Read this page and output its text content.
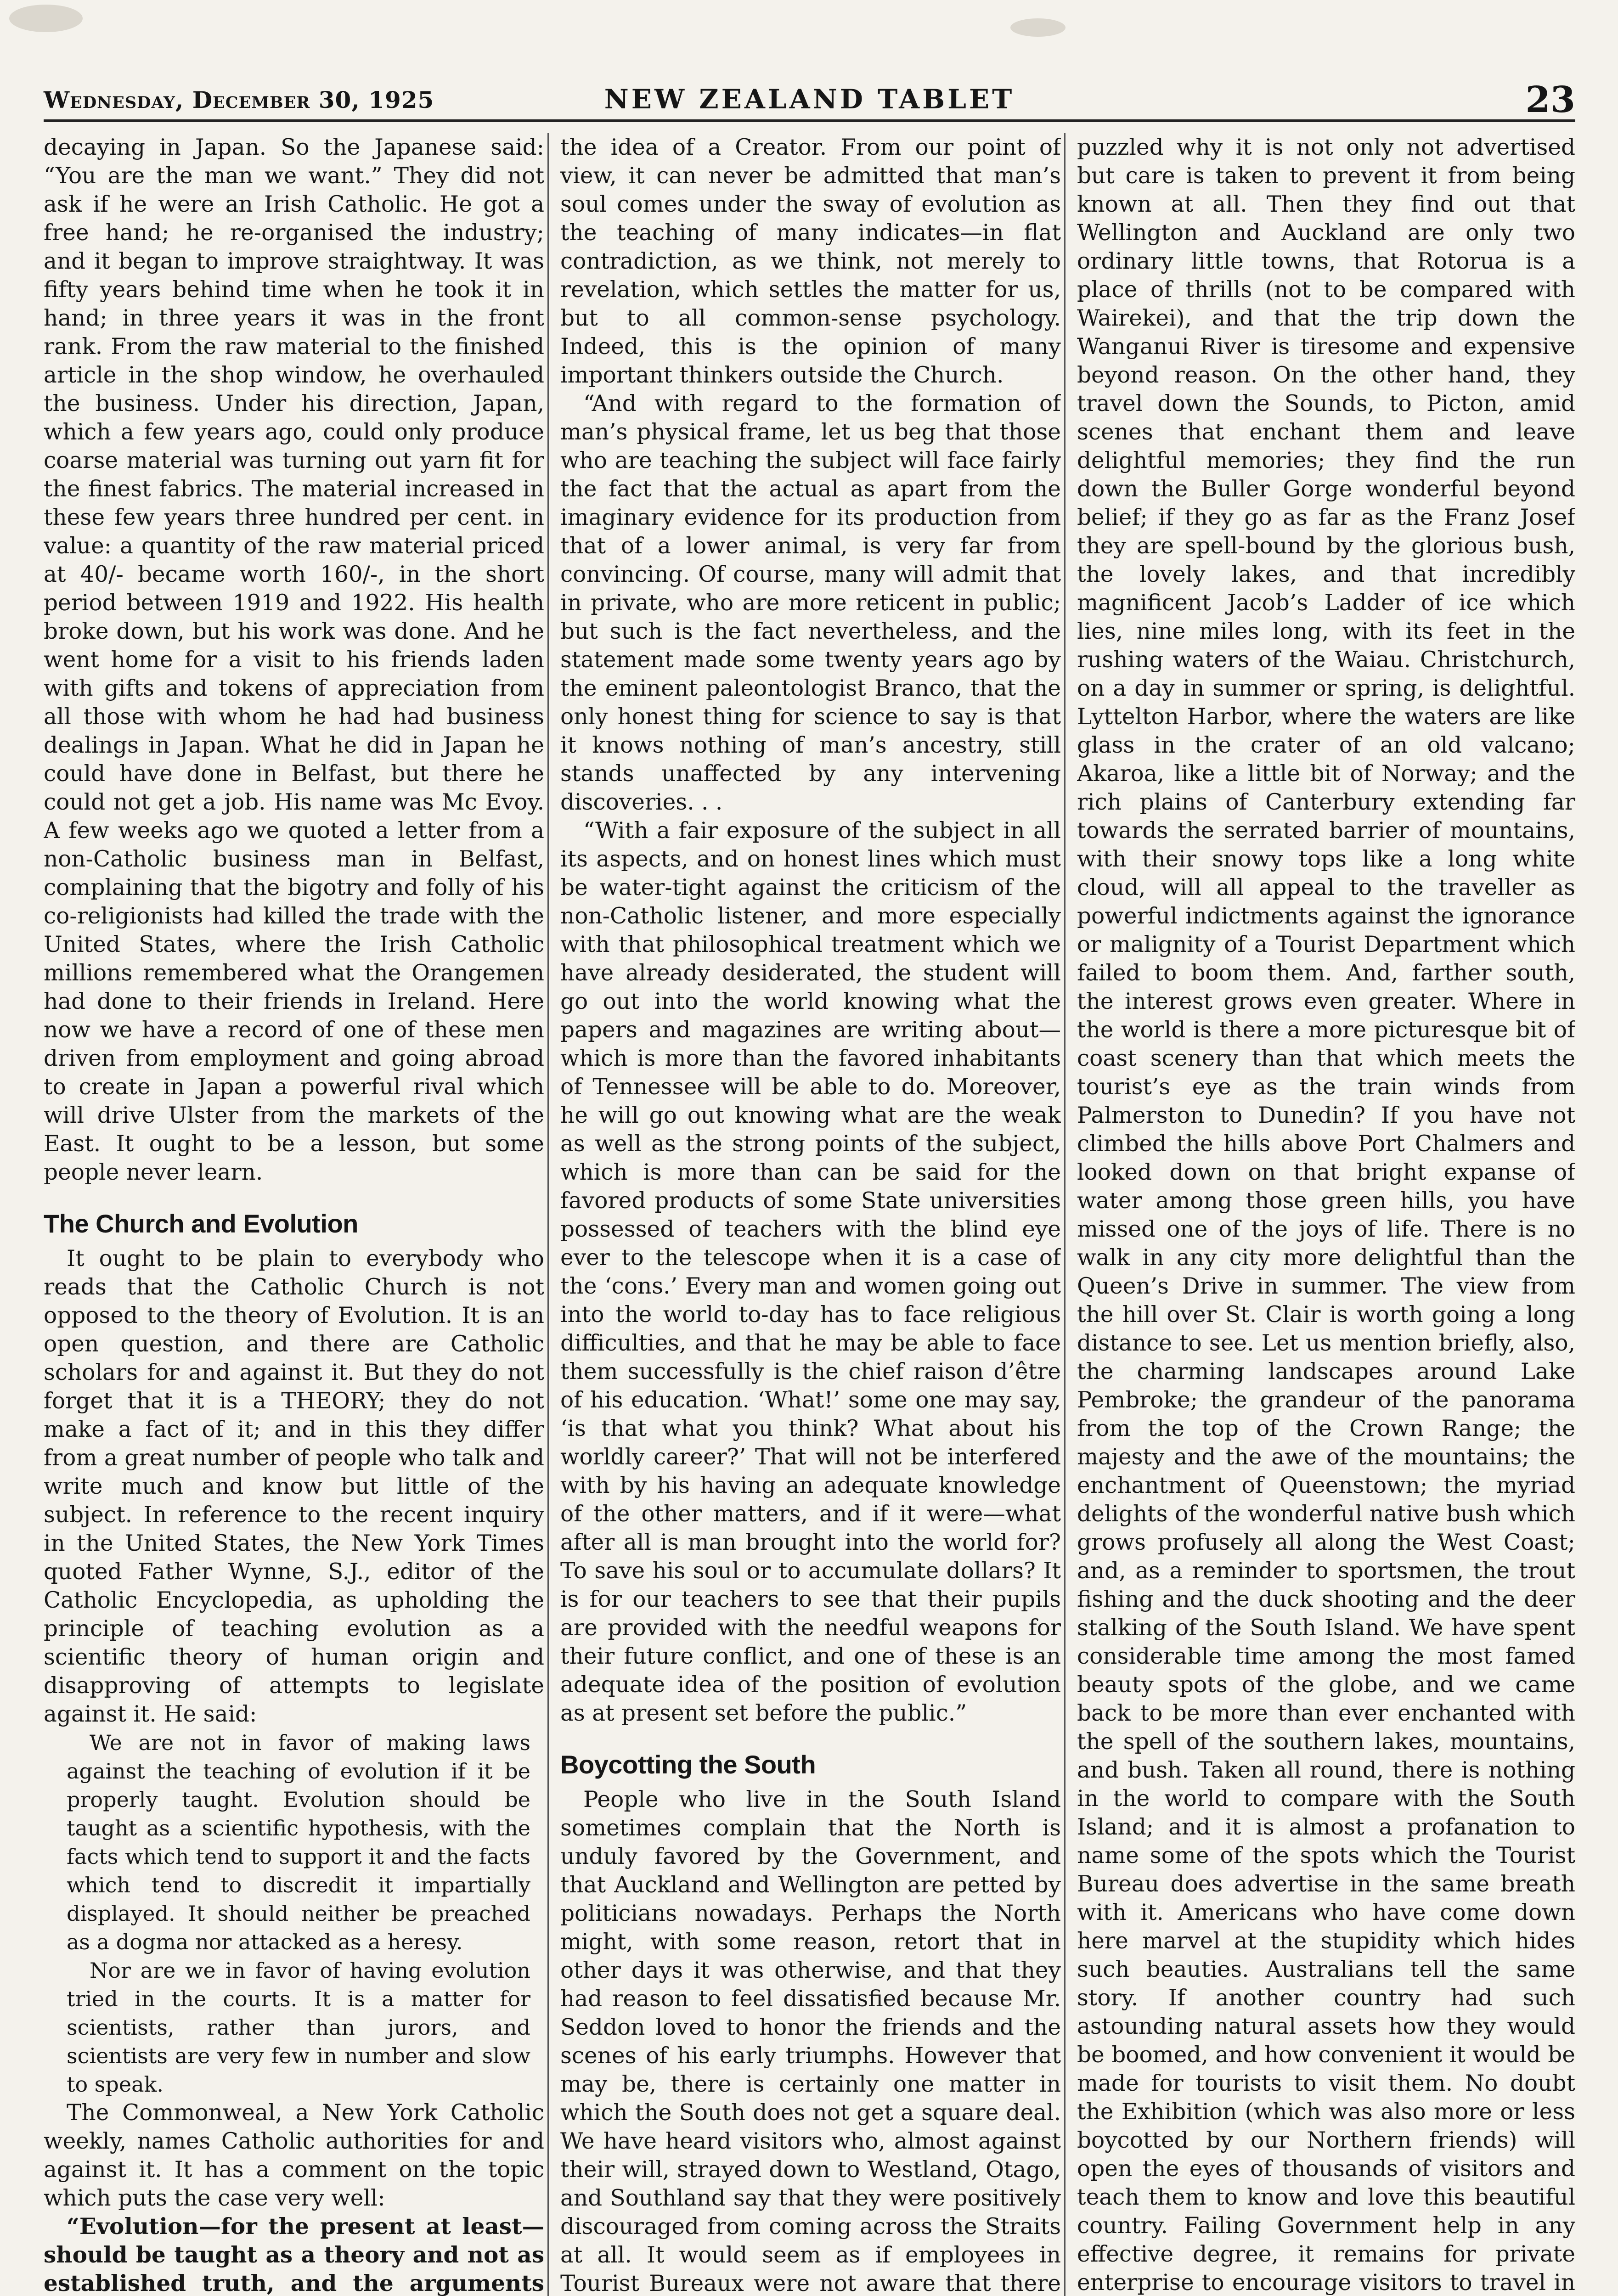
Wednesday, December 30, 1925	NEW ZEALAND TABLET	23

decaying in Japan. So the Japanese said: “You are the man we want.” They did not ask if he were an Irish Catholic. He got a free hand; he re-organised the industry; and it began to improve straightway. It was fifty years behind time when he took it in hand; in three years it was in the front rank. From the raw material to the finished article in the shop window, he overhauled the business. Under his direction, Japan, which a few years ago, could only produce coarse material was turning out yarn fit for the finest fabrics. The material increased in these few years three hundred per cent. in value: a quantity of the raw material priced at 40/- became worth 160/-, in the short period between 1919 and 1922. His health broke down, but his work was done. And he went home for a visit to his friends laden with gifts and tokens of appreciation from all those with whom he had had business dealings in Japan. What he did in Japan he could have done in Belfast, but there he could not get a job. His name was Mc Evoy. A few weeks ago we quoted a letter from a non-Catholic business man in Belfast, complaining that the bigotry and folly of his co-religionists had killed the trade with the United States, where the Irish Catholic millions remembered what the Orangemen had done to their friends in Ireland. Here now we have a record of one of these men driven from employment and going abroad to create in Japan a powerful rival which will drive Ulster from the markets of the East. It ought to be a lesson, but some people never learn.

The Church and Evolution

It ought to be plain to everybody who reads that the Catholic Church is not opposed to the theory of Evolution. It is an open question, and there are Catholic scholars for and against it. But they do not forget that it is a THEORY; they do not make a fact of it; and in this they differ from a great number of people who talk and write much and know but little of the subject. In reference to the recent inquiry in the United States, the New York Times quoted Father Wynne, S.J., editor of the Catholic Encyclopedia, as upholding the principle of teaching evolution as a scientific theory of human origin and disapproving of attempts to legislate against it. He said:

We are not in favor of making laws against the teaching of evolution if it be properly taught. Evolution should be taught as a scientific hypothesis, with the facts which tend to support it and the facts which tend to discredit it impartially displayed. It should neither be preached as a dogma nor attacked as a heresy.

Nor are we in favor of having evolution tried in the courts. It is a matter for scientists, rather than jurors, and scientists are very few in number and slow to speak.

The Commonweal, a New York Catholic weekly, names Catholic authorities for and against it. It has a comment on the topic which puts the case very well:

“Evolution—for the present at least—should be taught as a theory and not as established truth, and the arguments

the idea of a Creator. From our point of view, it can never be admitted that man’s soul comes under the sway of evolution as the teaching of many indicates—in flat contradiction, as we think, not merely to revelation, which settles the matter for us, but to all common-sense psychology. Indeed, this is the opinion of many important thinkers outside the Church.

“And with regard to the formation of man’s physical frame, let us beg that those who are teaching the subject will face fairly the fact that the actual as apart from the imaginary evidence for its production from that of a lower animal, is very far from convincing. Of course, many will admit that in private, who are more reticent in public; but such is the fact nevertheless, and the statement made some twenty years ago by the eminent paleontologist Branco, that the only honest thing for science to say is that it knows nothing of man’s ancestry, still stands unaffected by any intervening discoveries. . .

“With a fair exposure of the subject in all its aspects, and on honest lines which must be water-tight against the criticism of the non-Catholic listener, and more especially with that philosophical treatment which we have already desiderated, the student will go out into the world knowing what the papers and magazines are writing about—which is more than the favored inhabitants of Tennessee will be able to do. Moreover, he will go out knowing what are the weak as well as the strong points of the subject, which is more than can be said for the favored products of some State universities possessed of teachers with the blind eye ever to the telescope when it is a case of the ‘cons.’ Every man and women going out into the world to-day has to face religious difficulties, and that he may be able to face them successfully is the chief raison d’être of his education. ‘What!’ some one may say, ‘is that what you think? What about his worldly career?’ That will not be interfered with by his having an adequate knowledge of the other matters, and if it were—what after all is man brought into the world for? To save his soul or to accumulate dollars? It is for our teachers to see that their pupils are provided with the needful weapons for their future conflict, and one of these is an adequate idea of the position of evolution as at present set before the public.”

Boycotting the South

People who live in the South Island sometimes complain that the North is unduly favored by the Government, and that Auckland and Wellington are petted by politicians nowadays. Perhaps the North might, with some reason, retort that in other days it was otherwise, and that they had reason to feel dissatisfied because Mr. Seddon loved to honor the friends and the scenes of his early triumphs. However that may be, there is certainly one matter in which the South does not get a square deal. We have heard visitors who, almost against their will, strayed down to Westland, Otago, and Southland say that they were positively discouraged from coming across the Straits at all. It would seem as if employees in Tourist Bureaux were not aware that there

puzzled why it is not only not advertised but care is taken to prevent it from being known at all. Then they find out that Wellington and Auckland are only two ordinary little towns, that Rotorua is a place of thrills (not to be compared with Wairekei), and that the trip down the Wanganui River is tiresome and expensive beyond reason. On the other hand, they travel down the Sounds, to Picton, amid scenes that enchant them and leave delightful memories; they find the run down the Buller Gorge wonderful beyond belief; if they go as far as the Franz Josef they are spell-bound by the glorious bush, the lovely lakes, and that incredibly magnificent Jacob’s Ladder of ice which lies, nine miles long, with its feet in the rushing waters of the Waiau. Christchurch, on a day in summer or spring, is delightful. Lyttelton Harbor, where the waters are like glass in the crater of an old valcano; Akaroa, like a little bit of Norway; and the rich plains of Canterbury extending far towards the serrated barrier of mountains, with their snowy tops like a long white cloud, will all appeal to the traveller as powerful indictments against the ignorance or malignity of a Tourist Department which failed to boom them. And, farther south, the interest grows even greater. Where in the world is there a more picturesque bit of coast scenery than that which meets the tourist’s eye as the train winds from Palmerston to Dunedin? If you have not climbed the hills above Port Chalmers and looked down on that bright expanse of water among those green hills, you have missed one of the joys of life. There is no walk in any city more delightful than the Queen’s Drive in summer. The view from the hill over St. Clair is worth going a long distance to see. Let us mention briefly, also, the charming landscapes around Lake Pembroke; the grandeur of the panorama from the top of the Crown Range; the majesty and the awe of the mountains; the enchantment of Queenstown; the myriad delights of the wonderful native bush which grows profusely all along the West Coast; and, as a reminder to sportsmen, the trout fishing and the duck shooting and the deer stalking of the South Island. We have spent considerable time among the most famed beauty spots of the globe, and we came back to be more than ever enchanted with the spell of the southern lakes, mountains, and bush. Taken all round, there is nothing in the world to compare with the South Island; and it is almost a profanation to name some of the spots which the Tourist Bureau does advertise in the same breath with it. Americans who have come down here marvel at the stupidity which hides such beauties. Australians tell the same story. If another country had such astounding natural assets how they would be boomed, and how convenient it would be made for tourists to visit them. No doubt the Exhibition (which was also more or less boycotted by our Northern friends) will open the eyes of thousands of visitors and teach them to know and love this beautiful country. Failing Government help in any effective degree, it remains for private enterprise to encourage visitors to travel in
